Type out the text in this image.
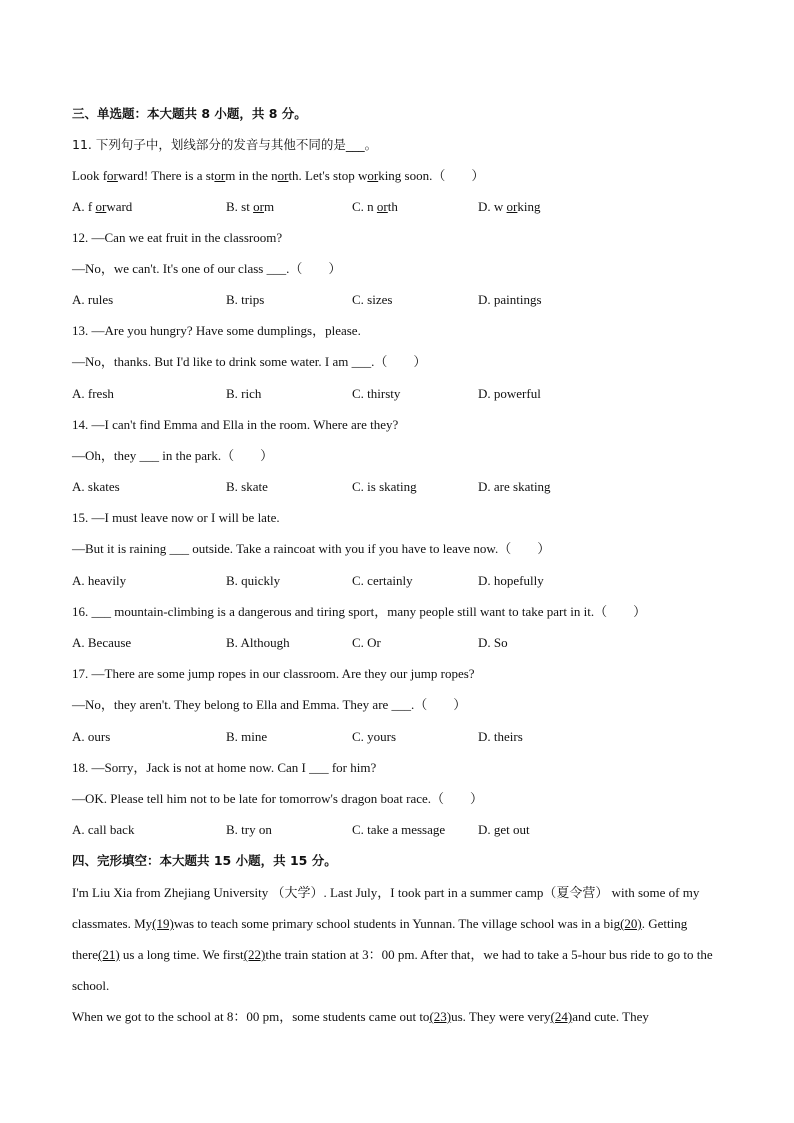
三、单选题：本大题共 8 小题，共 8 分。
11. 下列句子中，划线部分的发音与其他不同的是___。
Look forward! There is a storm in the north. Let's stop working soon.（　　）
A. f orward	B. st orm	C. n orth	D. w orking
12. —Can we eat fruit in the classroom?
—No，we can't. It's one of our class ___.（　　）
A. rules	B. trips	C. sizes	D. paintings
13. —Are you hungry? Have some dumplings，please.
—No，thanks. But I'd like to drink some water. I am ___.（　　）
A. fresh	B. rich	C. thirsty	D. powerful
14. —I can't find Emma and Ella in the room. Where are they?
—Oh，they ___ in the park.（　　）
A. skates	B. skate	C. is skating	D. are skating
15. —I must leave now or I will be late.
—But it is raining ___ outside. Take a raincoat with you if you have to leave now.（　　）
A. heavily	B. quickly	C. certainly	D. hopefully
16. ___ mountain-climbing is a dangerous and tiring sport，many people still want to take part in it.（　　）
A. Because	B. Although	C. Or	D. So
17. —There are some jump ropes in our classroom. Are they our jump ropes?
—No，they aren't. They belong to Ella and Emma. They are ___.（　　）
A. ours	B. mine	C. yours	D. theirs
18. —Sorry，Jack is not at home now. Can I ___ for him?
—OK. Please tell him not to be late for tomorrow's dragon boat race.（　　）
A. call back	B. try on	C. take a message	D. get out
四、完形填空：本大题共 15 小题，共 15 分。
I'm Liu Xia from Zhejiang University （大学）. Last July，I took part in a summer camp（夏令营） with some of my classmates. My(19)was to teach some primary school students in Yunnan. The village school was in a big(20). Getting there(21) us a long time. We first(22)the train station at 3：00 pm. After that，we had to take a 5-hour bus ride to go to the school.
When we got to the school at 8：00 pm，some students came out to(23)us. They were very(24)and cute. They
